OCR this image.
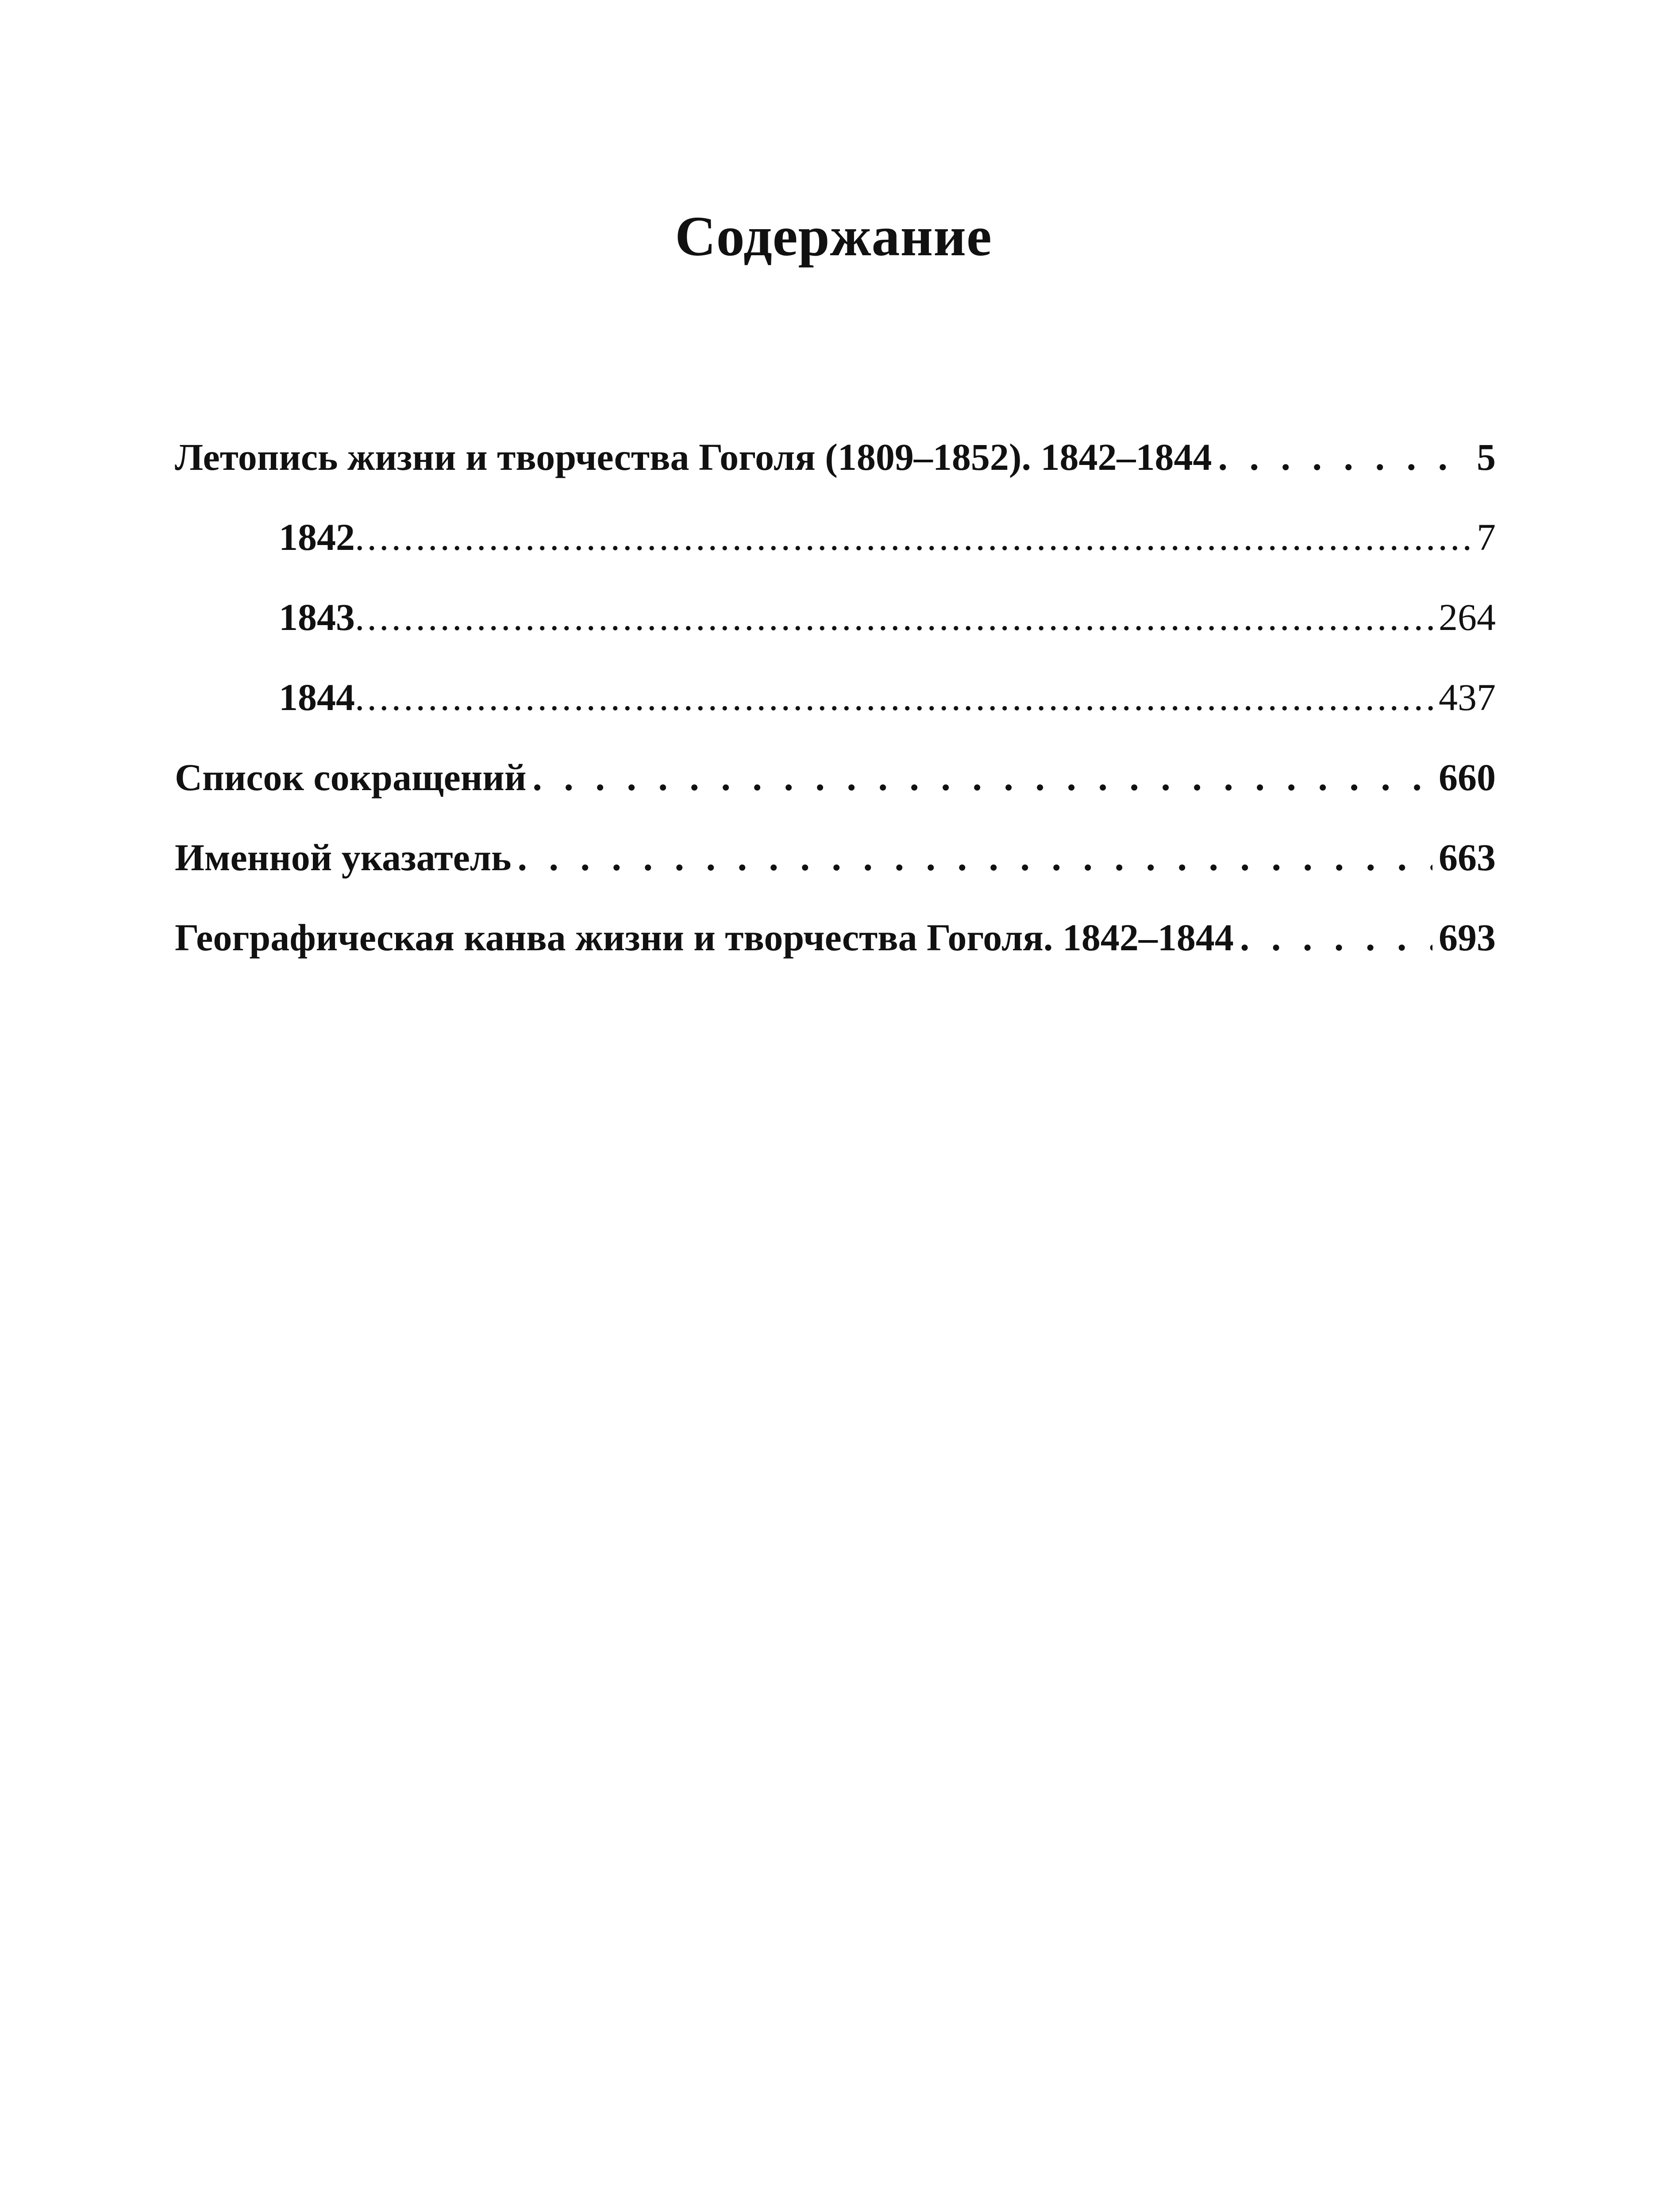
Содержание
Летопись жизни и творчества Гоголя (1809–1852). 1842–1844 . . .	5
1842 .....	7
1843 .....	264
1844 .....	437
Список сокращений . . .	660
Именной указатель . . .	663
Географическая канва жизни и творчества Гоголя. 1842–1844 . . .	693
